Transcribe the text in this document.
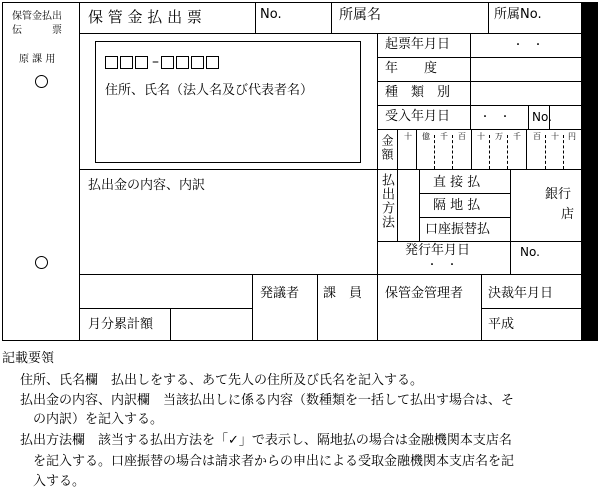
保管金払出
伝　　　票
原 課 用
保 管 金 払 出 票	No.	所属名	所属No.
–
住所、氏名（法人名及び代表者名）
起票年月日	・　・
年　　度
種　類　別
受入年月日	・　・ No.
金額 十 億 千 百 十 万 千 百 十 円
払出金の内容、内訳	払出方法	直 接 払
隔 地 払
口座振替払
銀行
店
発行年月日
・　・
No.
月分累計額
発議者 課　員 保管金管理者 決裁年月日
平成
記載要領
住所、氏名欄　払出しをする、あて先人の住所及び氏名を記入する。
払出金の内容、内訳欄　当該払出しに係る内容（数種類を一括して払出す場合は、そ
の内訳）を記入する。
払出方法欄　該当する払出方法を「✓」で表示し、隔地払の場合は金融機関本支店名
を記入する。口座振替の場合は請求者からの申出による受取金融機関本支店名を記
入する。
